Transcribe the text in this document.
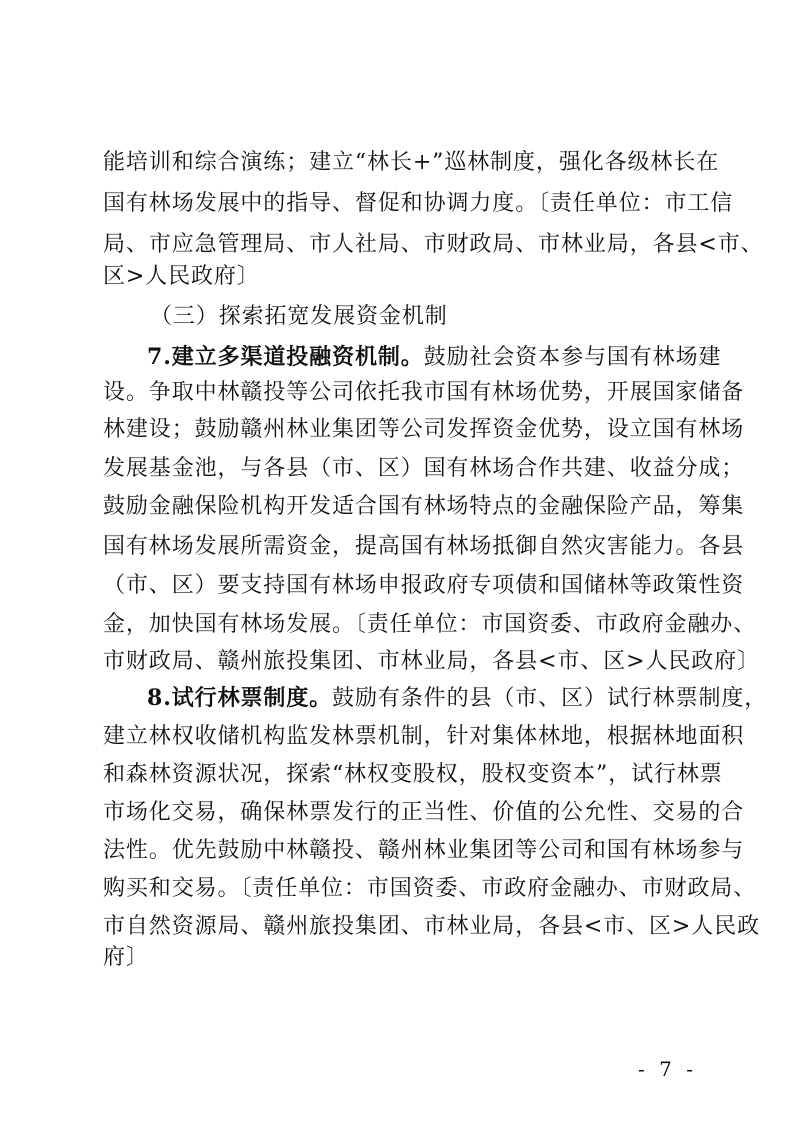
能培训和综合演练；建立“林长+”巡林制度，强化各级林长在
国有林场发展中的指导、督促和协调力度。〔责任单位：市工信
局、市应急管理局、市人社局、市财政局、市林业局，各县<市、
区>人民政府〕
（三）探索拓宽发展资金机制
7.建立多渠道投融资机制。鼓励社会资本参与国有林场建
设。争取中林赣投等公司依托我市国有林场优势，开展国家储备
林建设；鼓励赣州林业集团等公司发挥资金优势，设立国有林场
发展基金池，与各县（市、区）国有林场合作共建、收益分成；
鼓励金融保险机构开发适合国有林场特点的金融保险产品，筹集
国有林场发展所需资金，提高国有林场抵御自然灾害能力。各县
（市、区）要支持国有林场申报政府专项债和国储林等政策性资
金，加快国有林场发展。〔责任单位：市国资委、市政府金融办、
市财政局、赣州旅投集团、市林业局，各县<市、区>人民政府〕
8.试行林票制度。鼓励有条件的县（市、区）试行林票制度，
建立林权收储机构监发林票机制，针对集体林地，根据林地面积
和森林资源状况，探索“林权变股权，股权变资本”，试行林票
市场化交易，确保林票发行的正当性、价值的公允性、交易的合
法性。优先鼓励中林赣投、赣州林业集团等公司和国有林场参与
购买和交易。〔责任单位：市国资委、市政府金融办、市财政局、
市自然资源局、赣州旅投集团、市林业局，各县<市、区>人民政
府〕
- 7 -
